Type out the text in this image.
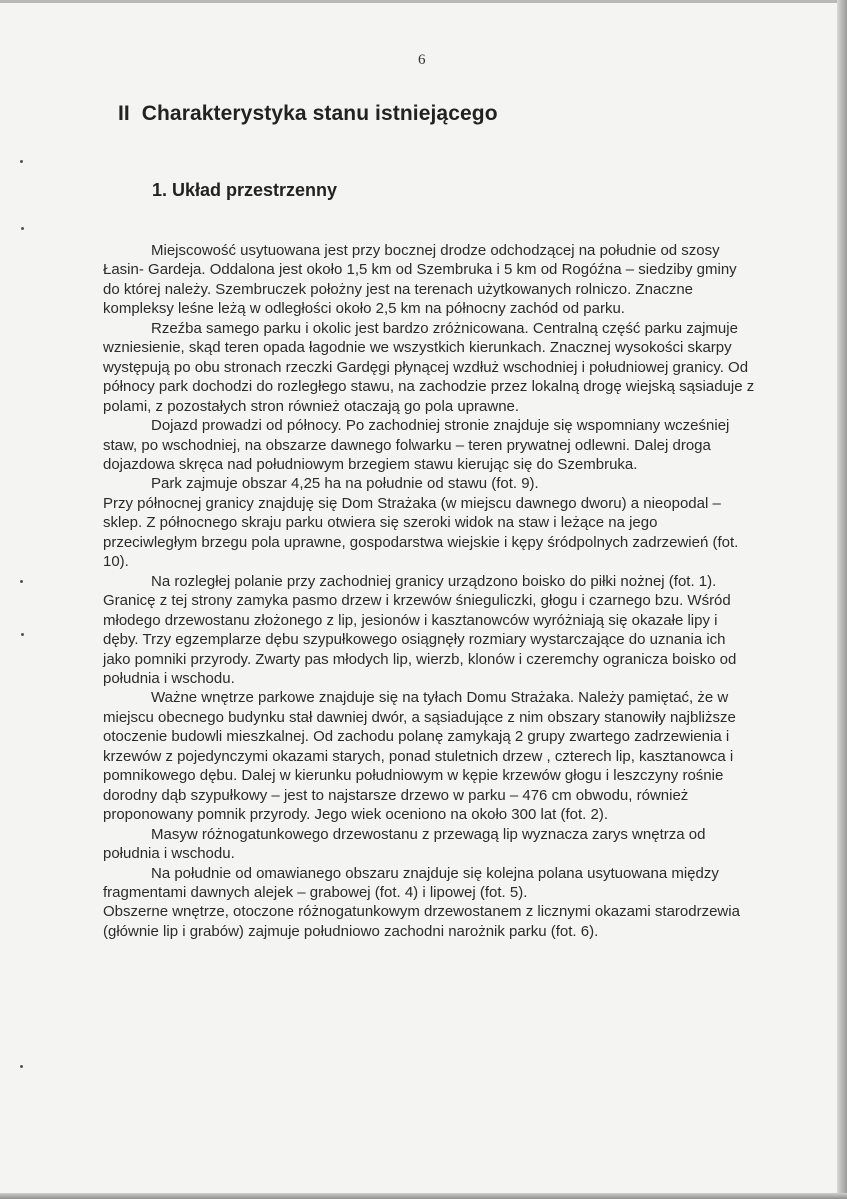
6
II  Charakterystyka stanu istniejącego
1. Układ przestrzenny

Miejscowość usytuowana jest przy bocznej drodze odchodzącej na południe od szosy Łasin- Gardeja. Oddalona jest około 1,5 km od Szembruka i 5 km od Rogóźna – siedziby gminy do której należy. Szembruczek położny jest na terenach użytkowanych rolniczo. Znaczne kompleksy leśne leżą w odległości około 2,5 km na północny zachód od parku.

Rzeźba samego parku i okolic jest bardzo zróżnicowana. Centralną część parku zajmuje wzniesienie, skąd teren opada łagodnie we wszystkich kierunkach. Znacznej wysokości skarpy występują po obu stronach rzeczki Gardęgi płynącej wzdłuż wschodniej i południowej granicy. Od północy park dochodzi do rozległego stawu, na zachodzie przez lokalną drogę wiejską sąsiaduje z polami, z pozostałych stron również otaczają go pola uprawne.

Dojazd prowadzi od północy. Po zachodniej stronie znajduje się wspomniany wcześniej staw, po wschodniej, na obszarze dawnego folwarku – teren prywatnej odlewni. Dalej droga dojazdowa skręca nad południowym brzegiem stawu kierując się do Szembruka.

Park zajmuje obszar 4,25 ha na południe od stawu (fot. 9).

Przy północnej granicy znajduję się Dom Strażaka (w miejscu dawnego dworu) a nieopodal – sklep. Z północnego skraju parku otwiera się szeroki widok na staw i leżące na jego przeciwległym brzegu pola uprawne, gospodarstwa wiejskie i kępy śródpolnych zadrzewień (fot. 10).

Na rozległej polanie przy zachodniej granicy urządzono boisko do piłki nożnej (fot. 1). Granicę z tej strony zamyka pasmo drzew i krzewów śnieguliczki, głogu i czarnego bzu. Wśród młodego drzewostanu złożonego z lip, jesionów i kasztanowców wyróżniają się okazałe lipy i dęby. Trzy egzemplarze dębu szypułkowego osiągnęły rozmiary wystarczające do uznania ich jako pomniki przyrody. Zwarty pas młodych lip, wierzb, klonów i czeremchy ogranicza boisko od południa i wschodu.

Ważne wnętrze parkowe znajduje się na tyłach Domu Strażaka. Należy pamiętać, że w miejscu obecnego budynku stał dawniej dwór, a sąsiadujące z nim obszary stanowiły najbliższe otoczenie budowli mieszkalnej. Od zachodu polanę zamykają 2 grupy zwartego zadrzewienia i krzewów z pojedynczymi okazami starych, ponad stuletnich drzew , czterech lip, kasztanowca i pomnikowego dębu. Dalej w kierunku południowym w kępie krzewów głogu i leszczyny rośnie dorodny dąb szypułkowy – jest to najstarsze drzewo w parku – 476 cm obwodu, również proponowany pomnik przyrody. Jego wiek oceniono na około 300 lat (fot. 2).

Masyw różnogatunkowego drzewostanu z przewagą lip wyznacza zarys wnętrza od południa i wschodu.

Na południe od omawianego obszaru znajduje się kolejna polana usytuowana między fragmentami dawnych alejek – grabowej (fot. 4) i lipowej (fot. 5).

Obszerne wnętrze, otoczone różnogatunkowym drzewostanem z licznymi okazami starodrzewia (głównie lip i grabów) zajmuje południowo zachodni narożnik parku (fot. 6).
